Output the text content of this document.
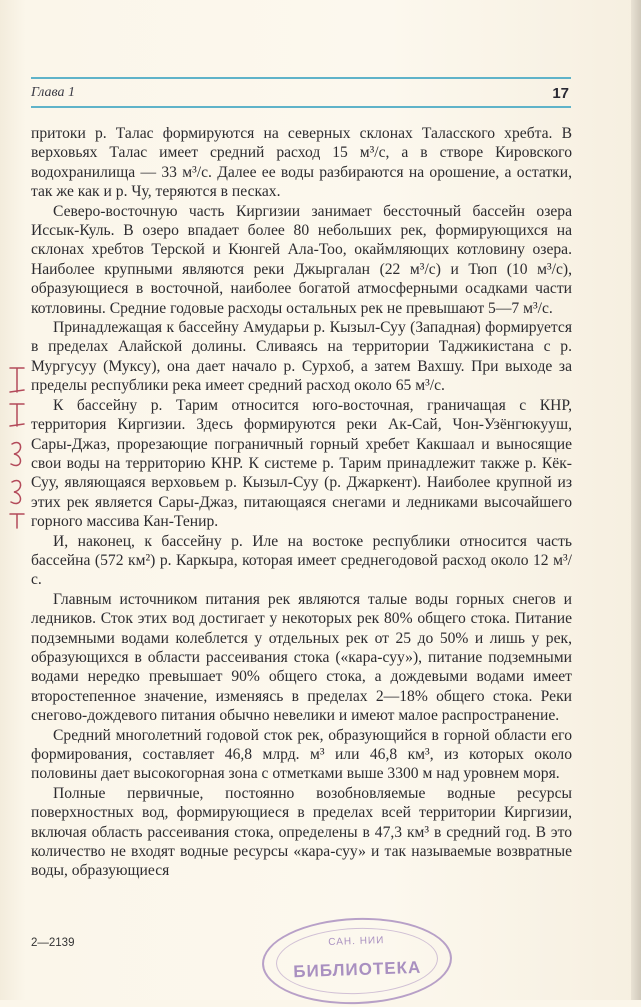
Глава 1	17

притоки р. Талас формируются на северных склонах Таласского хребта. В верховьях Талас имеет средний расход 15 м³/с, а в створе Кировского водохранилища — 33 м³/с. Далее ее воды разбираются на орошение, а остатки, так же как и р. Чу, теряются в песках.

Северо-восточную часть Киргизии занимает бессточный бассейн озера Иссык-Куль. В озеро впадает более 80 небольших рек, формирующихся на склонах хребтов Терской и Кюнгей Ала-Тоо, окаймляющих котловину озера. Наиболее крупными являются реки Джыргалан (22 м³/с) и Тюп (10 м³/с), образующиеся в восточной, наиболее богатой атмосферными осадками части котловины. Средние годовые расходы остальных рек не превышают 5—7 м³/с.

Принадлежащая к бассейну Амударьи р. Кызыл-Суу (Западная) формируется в пределах Алайской долины. Сливаясь на территории Таджикистана с р. Мургусуу (Муксу), она дает начало р. Сурхоб, а затем Вахшу. При выходе за пределы республики река имеет средний расход около 65 м³/с.

К бассейну р. Тарим относится юго-восточная, граничащая с КНР, территория Киргизии. Здесь формируются реки Ак-Сай, Чон-Узёнгюкууш, Сары-Джаз, прорезающие пограничный горный хребет Какшаал и выносящие свои воды на территорию КНР. К системе р. Тарим принадлежит также р. Кёк-Суу, являющаяся верховьем р. Кызыл-Суу (р. Джаркент). Наиболее крупной из этих рек является Сары-Джаз, питающаяся снегами и ледниками высочайшего горного массива Кан-Тенир.

И, наконец, к бассейну р. Иле на востоке республики относится часть бассейна (572 км²) р. Каркыра, которая имеет среднегодовой расход около 12 м³/с.

Главным источником питания рек являются талые воды горных снегов и ледников. Сток этих вод достигает у некоторых рек 80% общего стока. Питание подземными водами колеблется у отдельных рек от 25 до 50% и лишь у рек, образующихся в области рассеивания стока («кара-суу»), питание подземными водами нередко превышает 90% общего стока, а дождевыми водами имеет второстепенное значение, изменяясь в пределах 2—18% общего стока. Реки снегово-дождевого питания обычно невелики и имеют малое распространение.

Средний многолетний годовой сток рек, образующийся в горной области его формирования, составляет 46,8 млрд. м³ или 46,8 км³, из которых около половины дает высокогорная зона с отметками выше 3300 м над уровнем моря.

Полные первичные, постоянно возобновляемые водные ресурсы поверхностных вод, формирующиеся в пределах всей территории Киргизии, включая область рассеивания стока, определены в 47,3 км³ в средний год. В это количество не входят водные ресурсы «кара-суу» и так называемые возвратные воды, образующиеся

2—2139	САН. НИИ
БИБЛИОТЕКА
